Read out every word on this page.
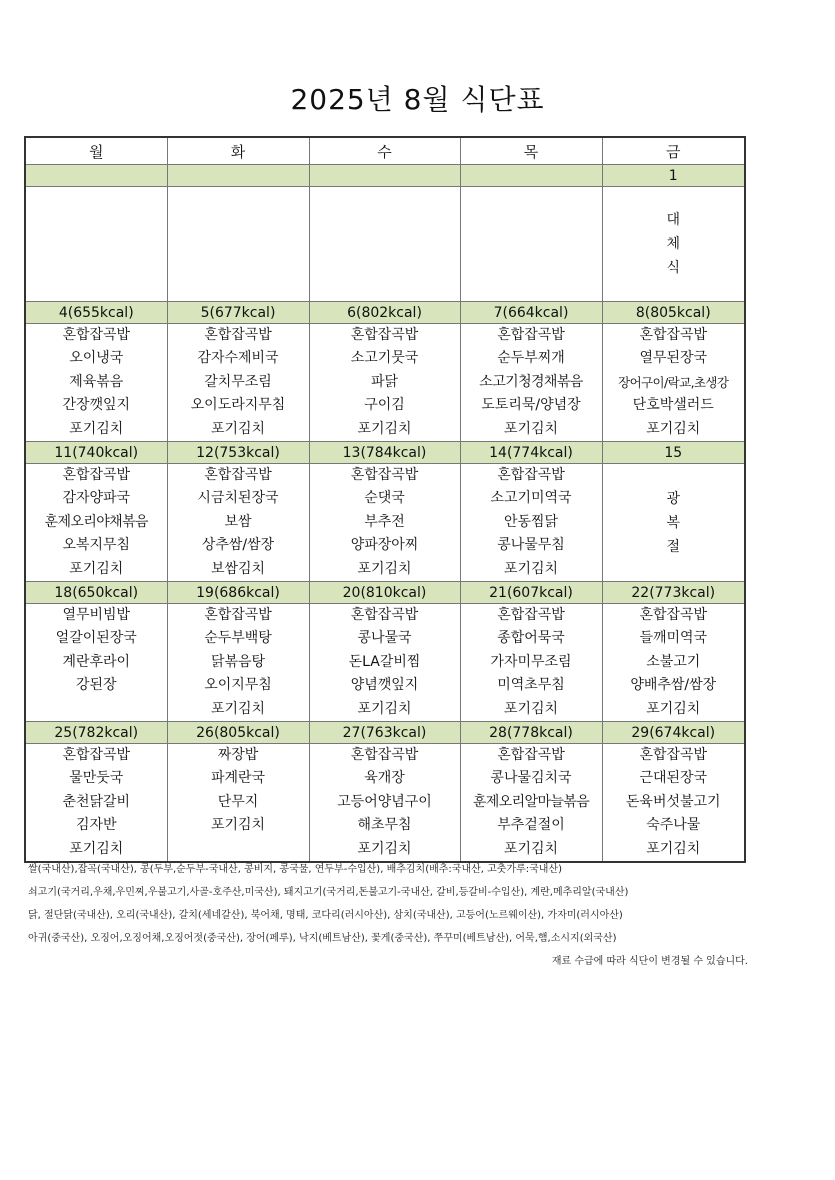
2025년 8월 식단표
월	화	수	목	금
				1

				대
체
식

4(655kcal)	5(677kcal)	6(802kcal)	7(664kcal)	8(805kcal)

혼합잡곡밥
오이냉국
제육볶음
간장깻잎지
포기김치	혼합잡곡밥
감자수제비국
갈치무조림
오이도라지무침
포기김치	혼합잡곡밥
소고기뭇국
파닭
구이김
포기김치	혼합잡곡밥
순두부찌개
소고기청경채볶음
도토리묵/양념장
포기김치	혼합잡곡밥
열무된장국
장어구이/락교,초생강
단호박샐러드
포기김치

11(740kcal)	12(753kcal)	13(784kcal)	14(774kcal)	15

혼합잡곡밥
감자양파국
훈제오리야채볶음
오복지무침
포기김치	혼합잡곡밥
시금치된장국
보쌈
상추쌈/쌈장
보쌈김치	혼합잡곡밥
순댓국
부추전
양파장아찌
포기김치	혼합잡곡밥
소고기미역국
안동찜닭
콩나물무침
포기김치	광
복
절

18(650kcal)	19(686kcal)	20(810kcal)	21(607kcal)	22(773kcal)

열무비빔밥
얼갈이된장국
계란후라이
강된장	혼합잡곡밥
순두부백탕
닭볶음탕
오이지무침
포기김치	혼합잡곡밥
콩나물국
돈LA갈비찜
양념깻잎지
포기김치	혼합잡곡밥
종합어묵국
가자미무조림
미역초무침
포기김치	혼합잡곡밥
들깨미역국
소불고기
양배추쌈/쌈장
포기김치

25(782kcal)	26(805kcal)	27(763kcal)	28(778kcal)	29(674kcal)

혼합잡곡밥
물만둣국
춘천닭갈비
김자반
포기김치	짜장밥
파계란국
단무지
포기김치	혼합잡곡밥
육개장
고등어양념구이
해초무침
포기김치	혼합잡곡밥
콩나물김치국
훈제오리알마늘볶음
부추겉절이
포기김치	혼합잡곡밥
근대된장국
돈육버섯불고기
숙주나물
포기김치
쌀(국내산),잡곡(국내산), 콩(두부,순두부-국내산, 콩비지, 콩국물, 연두부-수입산), 배추김치(배추:국내산, 고춧가루:국내산)
쇠고기(국거리,우채,우민찌,우불고기,사골-호주산,미국산), 돼지고기(국거리,돈불고기-국내산, 갈비,등갈비-수입산), 계란,메추리알(국내산)
닭, 절단닭(국내산), 오리(국내산), 갈치(세네갈산), 북어채, 명태, 코다리(러시아산), 삼치(국내산), 고등어(노르웨이산), 가자미(러시아산)
아귀(중국산), 오징어,오징어채,오징어젓(중국산), 장어(페루), 낙지(베트남산), 꽃게(중국산), 쭈꾸미(베트남산), 어묵,햄,소시지(외국산)
재료 수급에 따라 식단이 변경될 수 있습니다.
